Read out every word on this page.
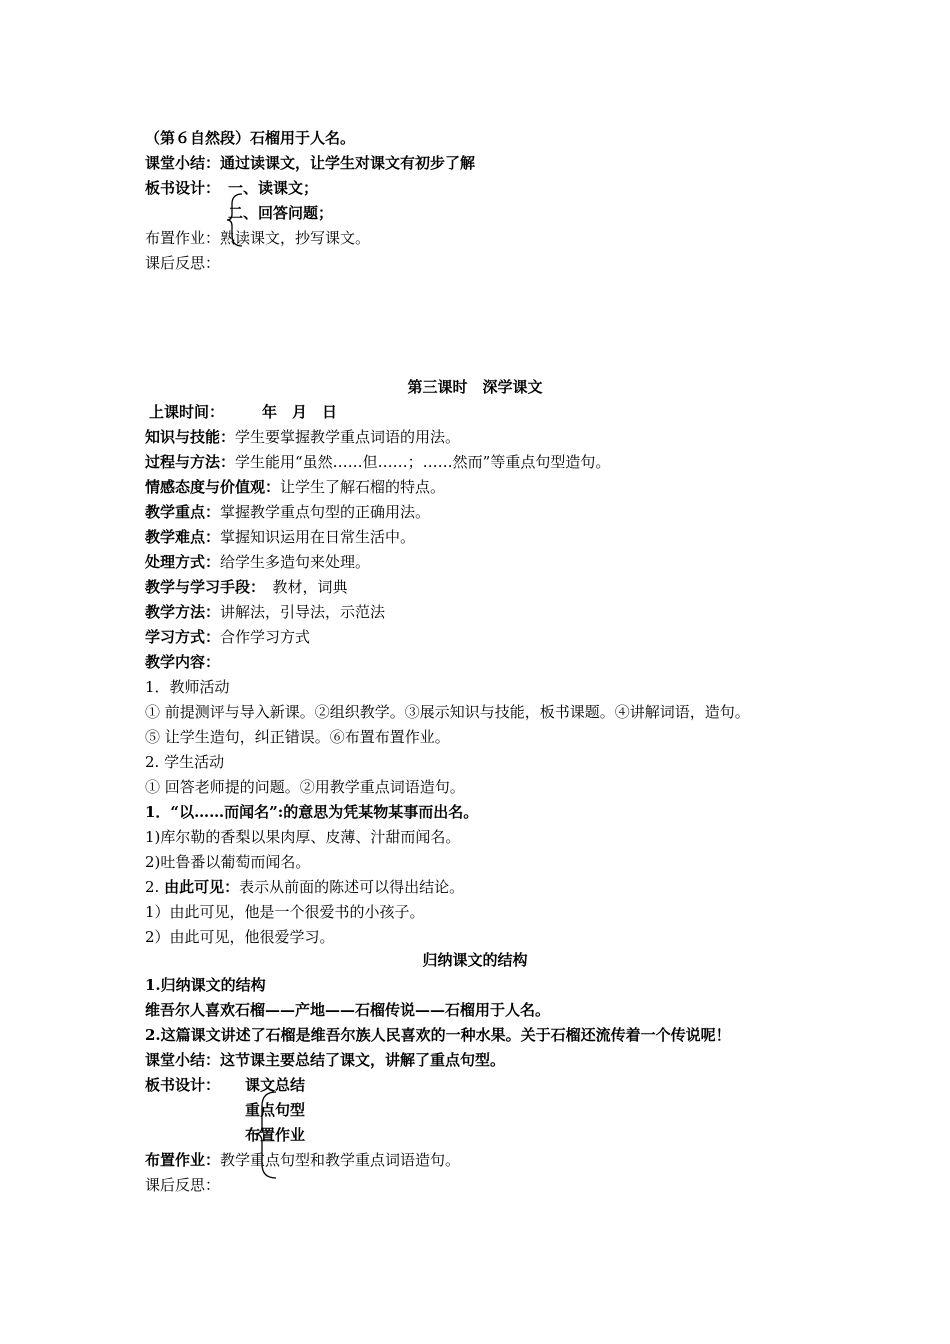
（第６自然段）石榴用于人名。
课堂小结：通过读课文，让学生对课文有初步了解
板书设计： 一、读课文；
二、回答问题；
布置作业：熟读课文，抄写课文。
课后反思：
第三课时　深学课文
上课时间：	年　月　日
知识与技能：学生要掌握教学重点词语的用法。
过程与方法：学生能用“虽然……但……；……然而”等重点句型造句。
情感态度与价值观：让学生了解石榴的特点。
教学重点：掌握教学重点句型的正确用法。
教学难点：掌握知识运用在日常生活中。
处理方式：给学生多造句来处理。
教学与学习手段：　教材，词典
教学方法：讲解法，引导法，示范法
学习方式：合作学习方式
教学内容：
1．教师活动
① 前提测评与导入新课。②组织教学。③展示知识与技能，板书课题。④讲解词语，造句。
⑤ 让学生造句，纠正错误。⑥布置布置作业。
2. 学生活动
① 回答老师提的问题。②用教学重点词语造句。
1．“以……而闻名”:的意思为凭某物某事而出名。
1)库尔勒的香梨以果肉厚、皮薄、汁甜而闻名。
2)吐鲁番以葡萄而闻名。
2. 由此可见：表示从前面的陈述可以得出结论。
1）由此可见，他是一个很爱书的小孩子。
2）由此可见，他很爱学习。
归纳课文的结构
1.归纳课文的结构
维吾尔人喜欢石榴——产地——石榴传说——石榴用于人名。
2.这篇课文讲述了石榴是维吾尔族人民喜欢的一种水果。关于石榴还流传着一个传说呢！
课堂小结：这节课主要总结了课文，讲解了重点句型。
板书设计： 课文总结
重点句型
布置作业
布置作业：教学重点句型和教学重点词语造句。
课后反思：
